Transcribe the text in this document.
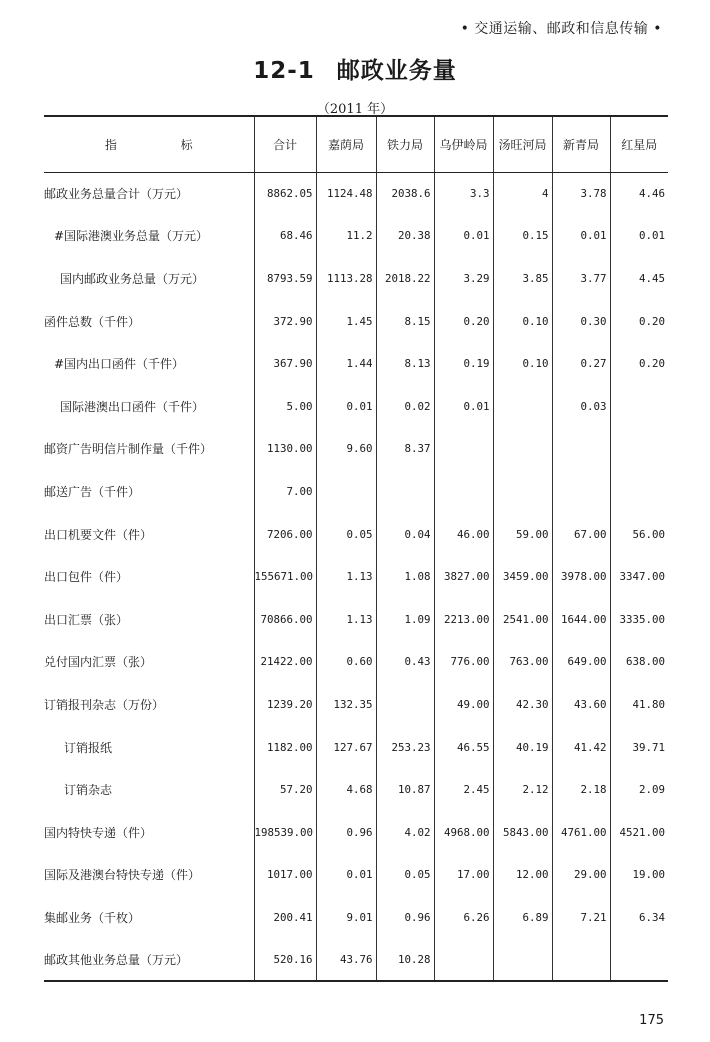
• 交通运输、邮政和信息传输 •
12-1 邮政业务量
（2011 年）
指 标	合计	嘉荫局	铁力局	乌伊岭局	汤旺河局	新青局	红星局
邮政业务总量合计（万元）	8862.05	1124.48	2038.6	3.3	4	3.78	4.46
#国际港澳业务总量（万元）	68.46	11.2	20.38	0.01	0.15	0.01	0.01
国内邮政业务总量（万元）	8793.59	1113.28	2018.22	3.29	3.85	3.77	4.45
函件总数（千件）	372.90	1.45	8.15	0.20	0.10	0.30	0.20
#国内出口函件（千件）	367.90	1.44	8.13	0.19	0.10	0.27	0.20
国际港澳出口函件（千件）	5.00	0.01	0.02	0.01		0.03	
邮资广告明信片制作量（千件）	1130.00	9.60	8.37				
邮送广告（千件）	7.00						
出口机要文件（件）	7206.00	0.05	0.04	46.00	59.00	67.00	56.00
出口包件（件）	155671.00	1.13	1.08	3827.00	3459.00	3978.00	3347.00
出口汇票（张）	70866.00	1.13	1.09	2213.00	2541.00	1644.00	3335.00
兑付国内汇票（张）	21422.00	0.60	0.43	776.00	763.00	649.00	638.00
订销报刊杂志（万份）	1239.20	132.35		49.00	42.30	43.60	41.80
订销报纸	1182.00	127.67	253.23	46.55	40.19	41.42	39.71
订销杂志	57.20	4.68	10.87	2.45	2.12	2.18	2.09
国内特快专递（件）	198539.00	0.96	4.02	4968.00	5843.00	4761.00	4521.00
国际及港澳台特快专递（件）	1017.00	0.01	0.05	17.00	12.00	29.00	19.00
集邮业务（千枚）	200.41	9.01	0.96	6.26	6.89	7.21	6.34
邮政其他业务总量（万元）	520.16	43.76	10.28				
175
